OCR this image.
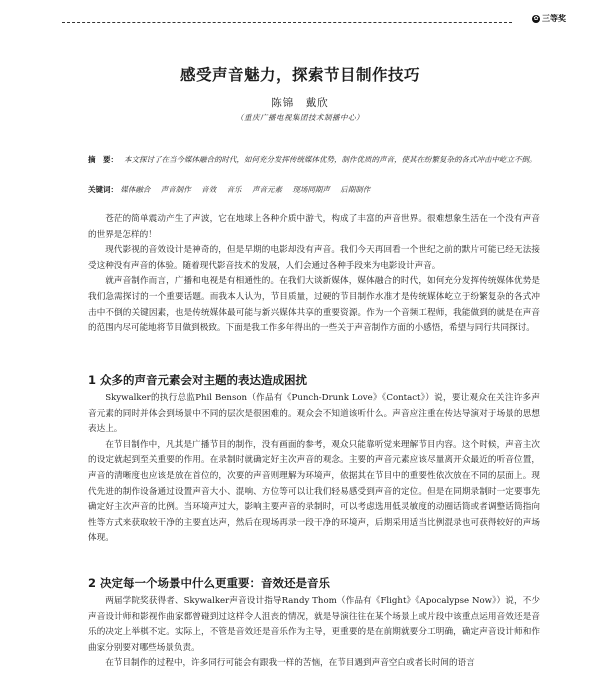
✿ 三等奖
感受声音魅力，探索节目制作技巧
陈锦　戴欣
（重庆广播电视集团技术制播中心）
摘　要： 本文探讨了在当今媒体融合的时代，如何充分发挥传统媒体优势，制作优质的声音，使其在纷繁复杂的各式冲击中屹立不倒。
关键词： 媒体融合 声音制作 音效 音乐 声音元素 现场同期声 后期制作

苍茫的简单震动产生了声波，它在地球上各种介质中游弋，构成了丰富的声音世界。很难想象生活在一个没有声音的世界是怎样的！

现代影视的音效设计是神奇的，但是早期的电影却没有声音。我们今天再回看一个世纪之前的默片可能已经无法接受这种没有声音的体验。随着现代影音技术的发展，人们会通过各种手段来为电影设计声音。

就声音制作而言，广播和电视是有相通性的。在我们大谈新媒体，媒体融合的时代，如何充分发挥传统媒体优势是我们急需探讨的一个重要话题。而我本人认为，节目质量，过硬的节目制作水准才是传统媒体屹立于纷繁复杂的各式冲击中不倒的关键因素，也是传统媒体最可能与新兴媒体共享的重要资源。作为一个音频工程师，我能做到的就是在声音的范围内尽可能地将节目做到极致。下面是我工作多年得出的一些关于声音制作方面的小感悟，希望与同行共同探讨。

1 众多的声音元素会对主题的表达造成困扰

Skywalker的执行总监Phil Benson（作品有《Punch-Drunk Love》《Contact》）说，要让观众在关注许多声音元素的同时并体会到场景中不同的层次是很困难的。观众会不知道该听什么。声音应注重在传达导演对于场景的思想表达上。

在节目制作中，凡其是广播节目的制作，没有画面的参考，观众只能靠听觉来理解节目内容。这个时候，声音主次的设定就起到至关重要的作用。在录制时就确定好主次声音的观念。主要的声音元素应该尽量离开众最近的听音位置，声音的清晰度也应该是放在首位的，次要的声音则理解为环境声，依据其在节目中的重要性依次放在不同的层面上。现代先进的制作设备通过设置声音大小、混响、方位等可以让我们轻易感受到声音的定位。但是在同期录制时一定要事先确定好主次声音的比例。当环境声过大，影响主要声音的录制时，可以考虑选用低灵敏度的动圈话筒或者调整话筒指向性等方式来获取较干净的主要直达声，然后在现场再录一段干净的环境声，后期采用适当比例混录也可获得较好的声场体现。

2 决定每一个场景中什么更重要：音效还是音乐

两届学院奖获得者、Skywalker声音设计指导Randy Thom（作品有《Flight》《Apocalypse Now》）说，不少声音设计师和影视作曲家都曾碰到过这样令人沮丧的情况，就是导演往往在某个场景上或片段中该重点运用音效还是音乐的决定上举棋不定。实际上，不管是音效还是音乐作为主导，更重要的是在前期就要分工明确，确定声音设计师和作曲家分别要对哪些场景负责。

在节目制作的过程中，许多同行可能会有跟我一样的苦恼，在节目遇到声音空白或者长时间的语言
